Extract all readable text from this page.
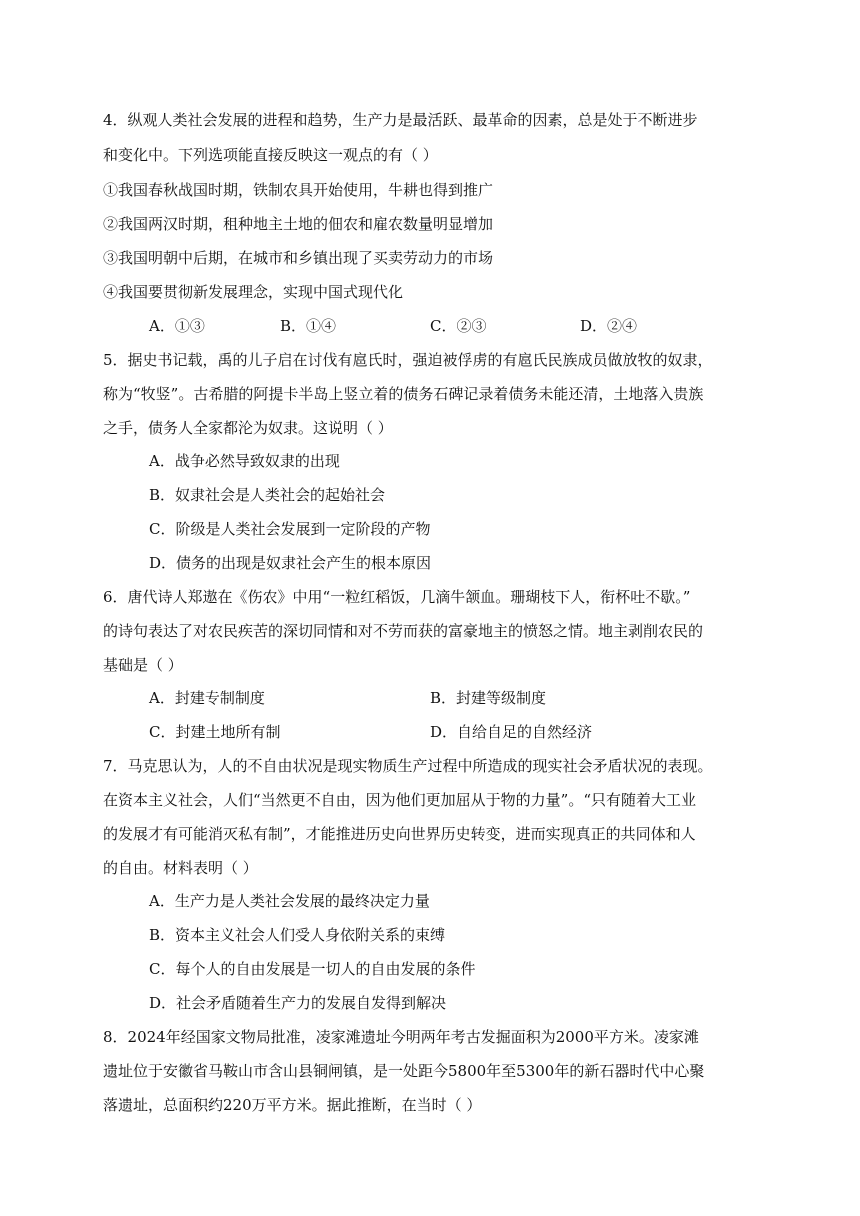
4．纵观人类社会发展的进程和趋势，生产力是最活跃、最革命的因素，总是处于不断进步
和变化中。下列选项能直接反映这一观点的有（ ）
①我国春秋战国时期，铁制农具开始使用，牛耕也得到推广
②我国两汉时期，租种地主土地的佃农和雇农数量明显增加
③我国明朝中后期，在城市和乡镇出现了买卖劳动力的市场
④我国要贯彻新发展理念，实现中国式现代化
A．①③	B．①④	C．②③	D．②④
5．据史书记载，禹的儿子启在讨伐有扈氏时，强迫被俘虏的有扈氏民族成员做放牧的奴隶，
称为“牧竖”。古希腊的阿提卡半岛上竖立着的债务石碑记录着债务未能还清，土地落入贵族
之手，债务人全家都沦为奴隶。这说明（ ）
A．战争必然导致奴隶的出现
B．奴隶社会是人类社会的起始社会
C．阶级是人类社会发展到一定阶段的产物
D．债务的出现是奴隶社会产生的根本原因
6．唐代诗人郑遨在《伤农》中用“一粒红稻饭，几滴牛颔血。珊瑚枝下人，衔杯吐不歇。”
的诗句表达了对农民疾苦的深切同情和对不劳而获的富豪地主的愤怒之情。地主剥削农民的
基础是（ ）
A．封建专制制度	B．封建等级制度
C．封建土地所有制	D．自给自足的自然经济
7．马克思认为，人的不自由状况是现实物质生产过程中所造成的现实社会矛盾状况的表现。
在资本主义社会，人们“当然更不自由，因为他们更加屈从于物的力量”。“只有随着大工业
的发展才有可能消灭私有制”，才能推进历史向世界历史转变，进而实现真正的共同体和人
的自由。材料表明（ ）
A．生产力是人类社会发展的最终决定力量
B．资本主义社会人们受人身依附关系的束缚
C．每个人的自由发展是一切人的自由发展的条件
D．社会矛盾随着生产力的发展自发得到解决
8．2024年经国家文物局批准，凌家滩遗址今明两年考古发掘面积为2000平方米。凌家滩
遗址位于安徽省马鞍山市含山县铜闸镇，是一处距今5800年至5300年的新石器时代中心聚
落遗址，总面积约220万平方米。据此推断，在当时（ ）
